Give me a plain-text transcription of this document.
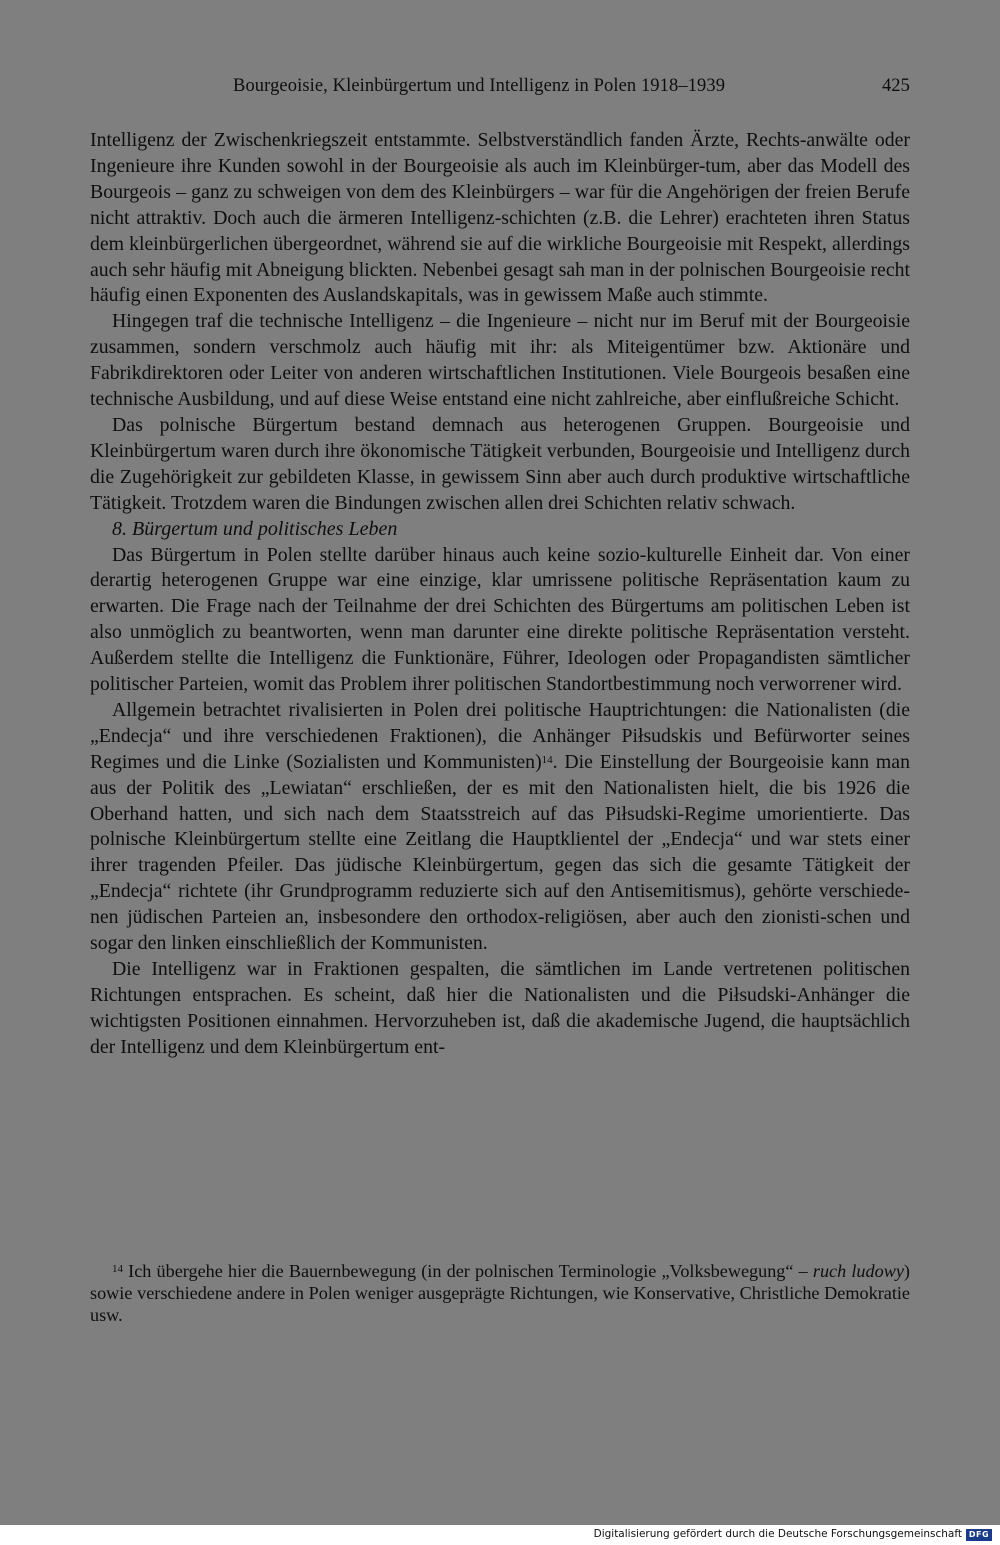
Bourgeoisie, Kleinbürgertum und Intelligenz in Polen 1918–1939	425

Intelligenz der Zwischenkriegszeit entstammte. Selbstverständlich fanden Ärzte, Rechts-anwälte oder Ingenieure ihre Kunden sowohl in der Bourgeoisie als auch im Kleinbürger-tum, aber das Modell des Bourgeois – ganz zu schweigen von dem des Kleinbürgers – war für die Angehörigen der freien Berufe nicht attraktiv. Doch auch die ärmeren Intelligenz-schichten (z.B. die Lehrer) erachteten ihren Status dem kleinbürgerlichen übergeordnet, während sie auf die wirkliche Bourgeoisie mit Respekt, allerdings auch sehr häufig mit Abneigung blickten. Nebenbei gesagt sah man in der polnischen Bourgeoisie recht häufig einen Exponenten des Auslandskapitals, was in gewissem Maße auch stimmte.

Hingegen traf die technische Intelligenz – die Ingenieure – nicht nur im Beruf mit der Bourgeoisie zusammen, sondern verschmolz auch häufig mit ihr: als Miteigentümer bzw. Aktionäre und Fabrikdirektoren oder Leiter von anderen wirtschaftlichen Institutionen. Viele Bourgeois besaßen eine technische Ausbildung, und auf diese Weise entstand eine nicht zahlreiche, aber einflußreiche Schicht.

Das polnische Bürgertum bestand demnach aus heterogenen Gruppen. Bourgeoisie und Kleinbürgertum waren durch ihre ökonomische Tätigkeit verbunden, Bourgeoisie und Intelligenz durch die Zugehörigkeit zur gebildeten Klasse, in gewissem Sinn aber auch durch produktive wirtschaftliche Tätigkeit. Trotzdem waren die Bindungen zwischen allen drei Schichten relativ schwach.

8. Bürgertum und politisches Leben

Das Bürgertum in Polen stellte darüber hinaus auch keine sozio-kulturelle Einheit dar. Von einer derartig heterogenen Gruppe war eine einzige, klar umrissene politische Repräsentation kaum zu erwarten. Die Frage nach der Teilnahme der drei Schichten des Bürgertums am politischen Leben ist also unmöglich zu beantworten, wenn man darunter eine direkte politische Repräsentation versteht. Außerdem stellte die Intelligenz die Funktionäre, Führer, Ideologen oder Propagandisten sämtlicher politischer Parteien, womit das Problem ihrer politischen Standortbestimmung noch verworrener wird.

Allgemein betrachtet rivalisierten in Polen drei politische Hauptrichtungen: die Nationalisten (die „Endecja“ und ihre verschiedenen Fraktionen), die Anhänger Piłsudskis und Befürworter seines Regimes und die Linke (Sozialisten und Kommunisten)$^{14}$. Die Einstellung der Bourgeoisie kann man aus der Politik des „Lewiatan“ erschließen, der es mit den Nationalisten hielt, die bis 1926 die Oberhand hatten, und sich nach dem Staatsstreich auf das Piłsudski-Regime umorientierte. Das polnische Kleinbürgertum stellte eine Zeitlang die Hauptklientel der „Endecja“ und war stets einer ihrer tragenden Pfeiler. Das jüdische Kleinbürgertum, gegen das sich die gesamte Tätigkeit der „Endecja“ richtete (ihr Grundprogramm reduzierte sich auf den Antisemitismus), gehörte verschiede-nen jüdischen Parteien an, insbesondere den orthodox-religiösen, aber auch den zionisti-schen und sogar den linken einschließlich der Kommunisten.

Die Intelligenz war in Fraktionen gespalten, die sämtlichen im Lande vertretenen politischen Richtungen entsprachen. Es scheint, daß hier die Nationalisten und die Piłsudski-Anhänger die wichtigsten Positionen einnahmen. Hervorzuheben ist, daß die akademische Jugend, die hauptsächlich der Intelligenz und dem Kleinbürgertum ent-

$^{14}$ Ich übergehe hier die Bauernbewegung (in der polnischen Terminologie „Volksbewegung“ – ruch ludowy) sowie verschiedene andere in Polen weniger ausgeprägte Richtungen, wie Konservative, Christliche Demokratie usw.
Digitalisierung gefördert durch die Deutsche Forschungsgemeinschaft DFG
